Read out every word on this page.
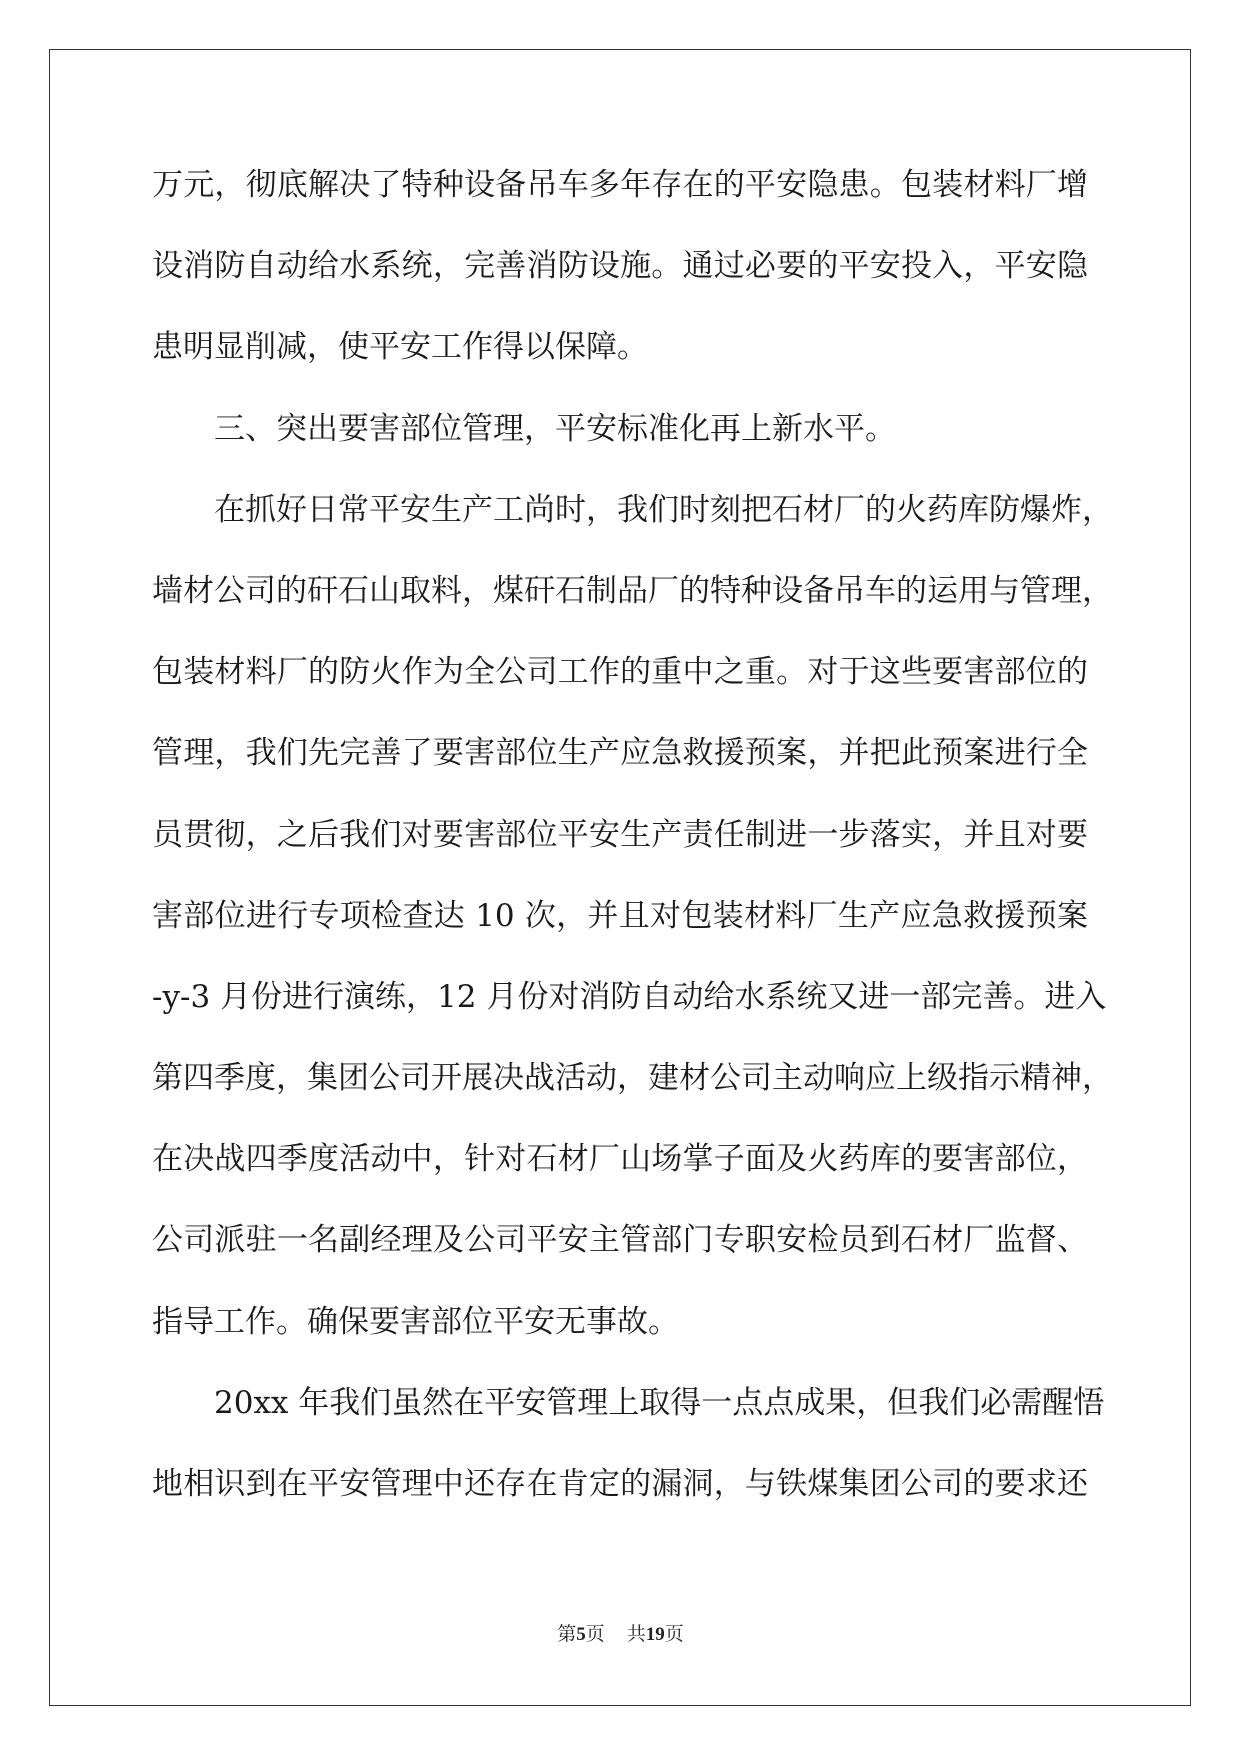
万元，彻底解决了特种设备吊车多年存在的平安隐患。包装材料厂增
设消防自动给水系统，完善消防设施。通过必要的平安投入，平安隐
患明显削减，使平安工作得以保障。
三、突出要害部位管理，平安标准化再上新水平。
在抓好日常平安生产工尚时，我们时刻把石材厂的火药库防爆炸，
墙材公司的矸石山取料，煤矸石制品厂的特种设备吊车的运用与管理，
包装材料厂的防火作为全公司工作的重中之重。对于这些要害部位的
管理，我们先完善了要害部位生产应急救援预案，并把此预案进行全
员贯彻，之后我们对要害部位平安生产责任制进一步落实，并且对要
害部位进行专项检查达 10 次，并且对包装材料厂生产应急救援预案
-y-3 月份进行演练，12 月份对消防自动给水系统又进一部完善。进入
第四季度，集团公司开展决战活动，建材公司主动响应上级指示精神，
在决战四季度活动中，针对石材厂山场掌子面及火药库的要害部位，
公司派驻一名副经理及公司平安主管部门专职安检员到石材厂监督、
指导工作。确保要害部位平安无事故。
20xx 年我们虽然在平安管理上取得一点点成果，但我们必需醒悟
地相识到在平安管理中还存在肯定的漏洞，与铁煤集团公司的要求还
第5页 共19页
